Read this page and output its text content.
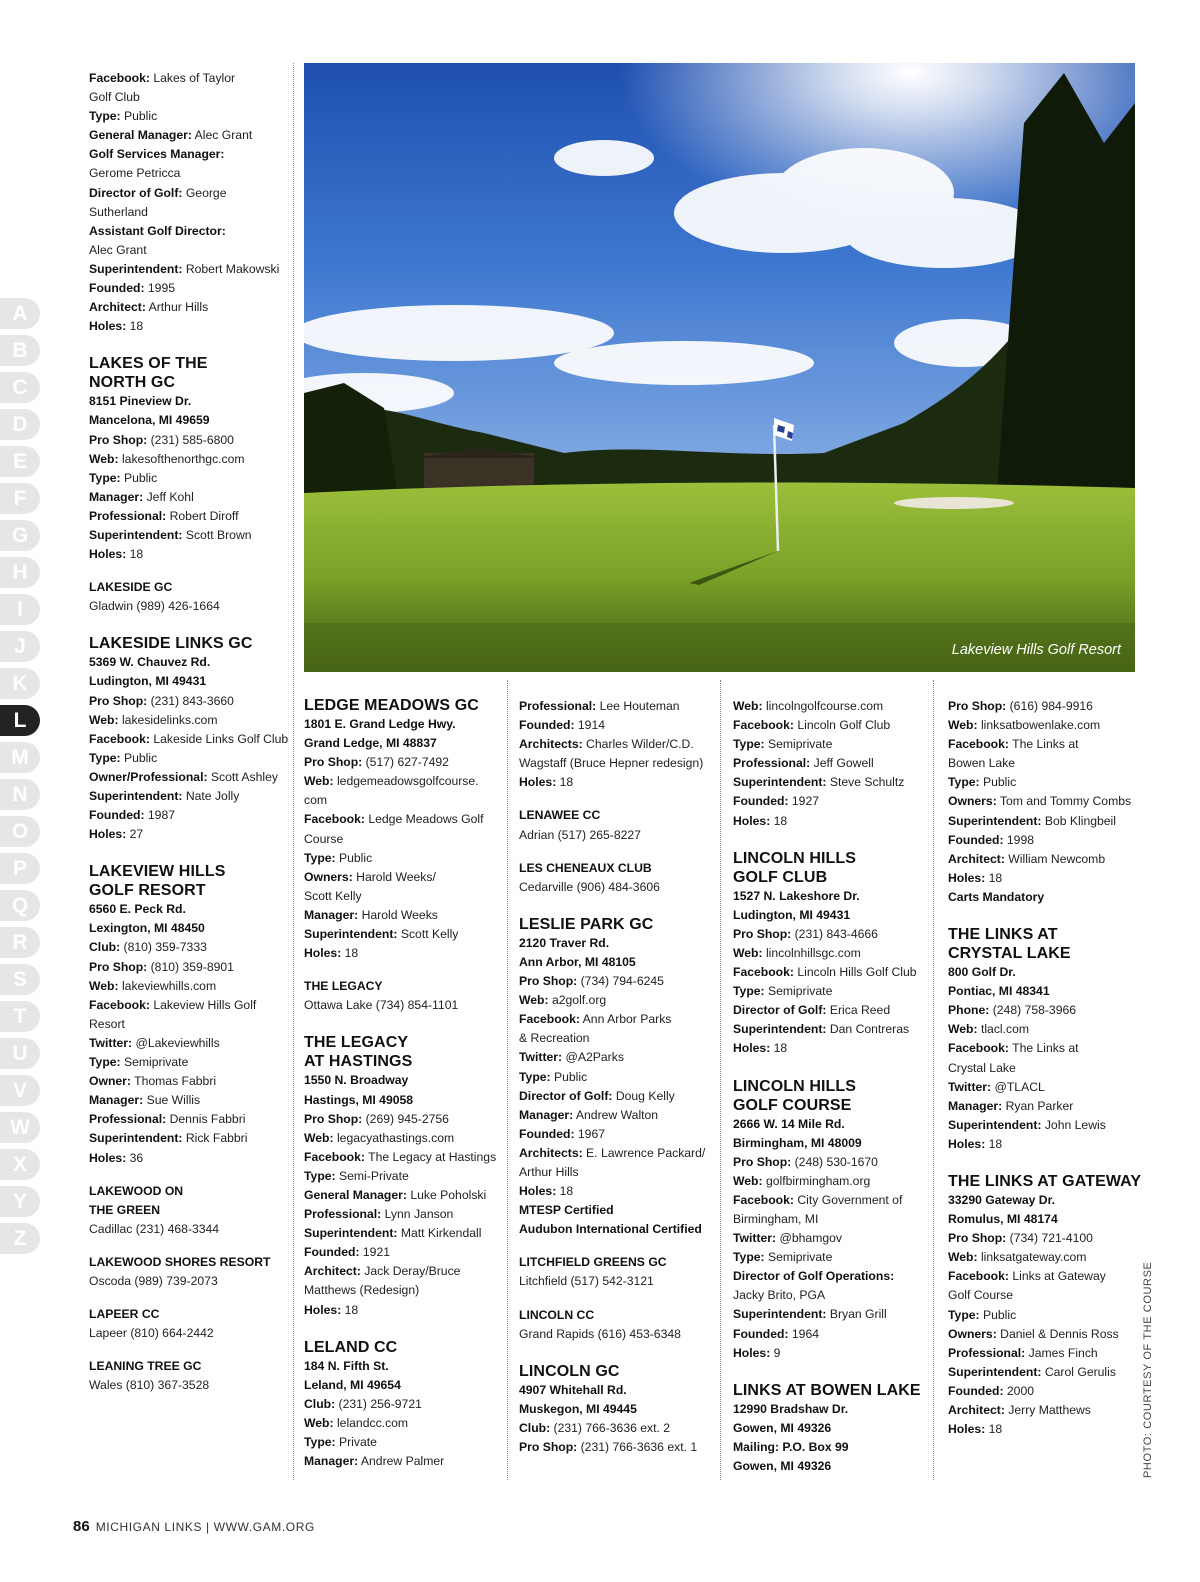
A
B
C
D
E
F
G
H
I
J
K
L
M
N
O
P
Q
R
S
T
U
V
W
X
Y
Z
Lakeview Hills Golf Resort
Facebook: Lakes of Taylor
Golf Club
Type: Public
General Manager: Alec Grant
Golf Services Manager:
Gerome Petricca
Director of Golf: George
Sutherland
Assistant Golf Director:
Alec Grant
Superintendent: Robert Makowski
Founded: 1995
Architect: Arthur Hills
Holes: 18
LAKES OF THE
NORTH GC
8151 Pineview Dr.
Mancelona, MI 49659
Pro Shop: (231) 585-6800
Web: lakesofthenorthgc.com
Type: Public
Manager: Jeff Kohl
Professional: Robert Diroff
Superintendent: Scott Brown
Holes: 18
LAKESIDE GC
Gladwin (989) 426-1664
LAKESIDE LINKS GC
5369 W. Chauvez Rd.
Ludington, MI 49431
Pro Shop: (231) 843-3660
Web: lakesidelinks.com
Facebook: Lakeside Links Golf Club
Type: Public
Owner/Professional: Scott Ashley
Superintendent: Nate Jolly
Founded: 1987
Holes: 27
LAKEVIEW HILLS
GOLF RESORT
6560 E. Peck Rd.
Lexington, MI 48450
Club: (810) 359-7333
Pro Shop: (810) 359-8901
Web: lakeviewhills.com
Facebook: Lakeview Hills Golf
Resort
Twitter: @Lakeviewhills
Type: Semiprivate
Owner: Thomas Fabbri
Manager: Sue Willis
Professional: Dennis Fabbri
Superintendent: Rick Fabbri
Holes: 36
LAKEWOOD ON
THE GREEN
Cadillac (231) 468-3344
LAKEWOOD SHORES RESORT
Oscoda (989) 739-2073
LAPEER CC
Lapeer (810) 664-2442
LEANING TREE GC
Wales (810) 367-3528
LEDGE MEADOWS GC
1801 E. Grand Ledge Hwy.
Grand Ledge, MI 48837
Pro Shop: (517) 627-7492
Web: ledgemeadowsgolfcourse.
com
Facebook: Ledge Meadows Golf
Course
Type: Public
Owners: Harold Weeks/
Scott Kelly
Manager: Harold Weeks
Superintendent: Scott Kelly
Holes: 18
THE LEGACY
Ottawa Lake (734) 854-1101
THE LEGACY
AT HASTINGS
1550 N. Broadway
Hastings, MI 49058
Pro Shop: (269) 945-2756
Web: legacyathastings.com
Facebook: The Legacy at Hastings
Type: Semi-Private
General Manager: Luke Poholski
Professional: Lynn Janson
Superintendent: Matt Kirkendall
Founded: 1921
Architect: Jack Deray/Bruce
Matthews (Redesign)
Holes: 18
LELAND CC
184 N. Fifth St.
Leland, MI 49654
Club: (231) 256-9721
Web: lelandcc.com
Type: Private
Manager: Andrew Palmer
Professional: Lee Houteman
Founded: 1914
Architects: Charles Wilder/C.D.
Wagstaff (Bruce Hepner redesign)
Holes: 18
LENAWEE CC
Adrian (517) 265-8227
LES CHENEAUX CLUB
Cedarville (906) 484-3606
LESLIE PARK GC
2120 Traver Rd.
Ann Arbor, MI 48105
Pro Shop: (734) 794-6245
Web: a2golf.org
Facebook: Ann Arbor Parks
& Recreation
Twitter: @A2Parks
Type: Public
Director of Golf: Doug Kelly
Manager: Andrew Walton
Founded: 1967
Architects: E. Lawrence Packard/
Arthur Hills
Holes: 18
MTESP Certified
Audubon International Certified
LITCHFIELD GREENS GC
Litchfield (517) 542-3121
LINCOLN CC
Grand Rapids (616) 453-6348
LINCOLN GC
4907 Whitehall Rd.
Muskegon, MI 49445
Club: (231) 766-3636 ext. 2
Pro Shop: (231) 766-3636 ext. 1
Web: lincolngolfcourse.com
Facebook: Lincoln Golf Club
Type: Semiprivate
Professional: Jeff Gowell
Superintendent: Steve Schultz
Founded: 1927
Holes: 18
LINCOLN HILLS
GOLF CLUB
1527 N. Lakeshore Dr.
Ludington, MI 49431
Pro Shop: (231) 843-4666
Web: lincolnhillsgc.com
Facebook: Lincoln Hills Golf Club
Type: Semiprivate
Director of Golf: Erica Reed
Superintendent: Dan Contreras
Holes: 18
LINCOLN HILLS
GOLF COURSE
2666 W. 14 Mile Rd.
Birmingham, MI 48009
Pro Shop: (248) 530-1670
Web: golfbirmingham.org
Facebook: City Government of
Birmingham, MI
Twitter: @bhamgov
Type: Semiprivate
Director of Golf Operations:
Jacky Brito, PGA
Superintendent: Bryan Grill
Founded: 1964
Holes: 9
LINKS AT BOWEN LAKE
12990 Bradshaw Dr.
Gowen, MI 49326
Mailing: P.O. Box 99
Gowen, MI 49326
Pro Shop: (616) 984-9916
Web: linksatbowenlake.com
Facebook: The Links at
Bowen Lake
Type: Public
Owners: Tom and Tommy Combs
Superintendent: Bob Klingbeil
Founded: 1998
Architect: William Newcomb
Holes: 18
Carts Mandatory
THE LINKS AT
CRYSTAL LAKE
800 Golf Dr.
Pontiac, MI 48341
Phone: (248) 758-3966
Web: tlacl.com
Facebook: The Links at
Crystal Lake
Twitter: @TLACL
Manager: Ryan Parker
Superintendent: John Lewis
Holes: 18
THE LINKS AT GATEWAY
33290 Gateway Dr.
Romulus, MI 48174
Pro Shop: (734) 721-4100
Web: linksatgateway.com
Facebook: Links at Gateway
Golf Course
Type: Public
Owners: Daniel & Dennis Ross
Professional: James Finch
Superintendent: Carol Gerulis
Founded: 2000
Architect: Jerry Matthews
Holes: 18	PHOTO: COURTESY OF THE COURSE
86 MICHIGAN LINKS | WWW.GAM.ORG
